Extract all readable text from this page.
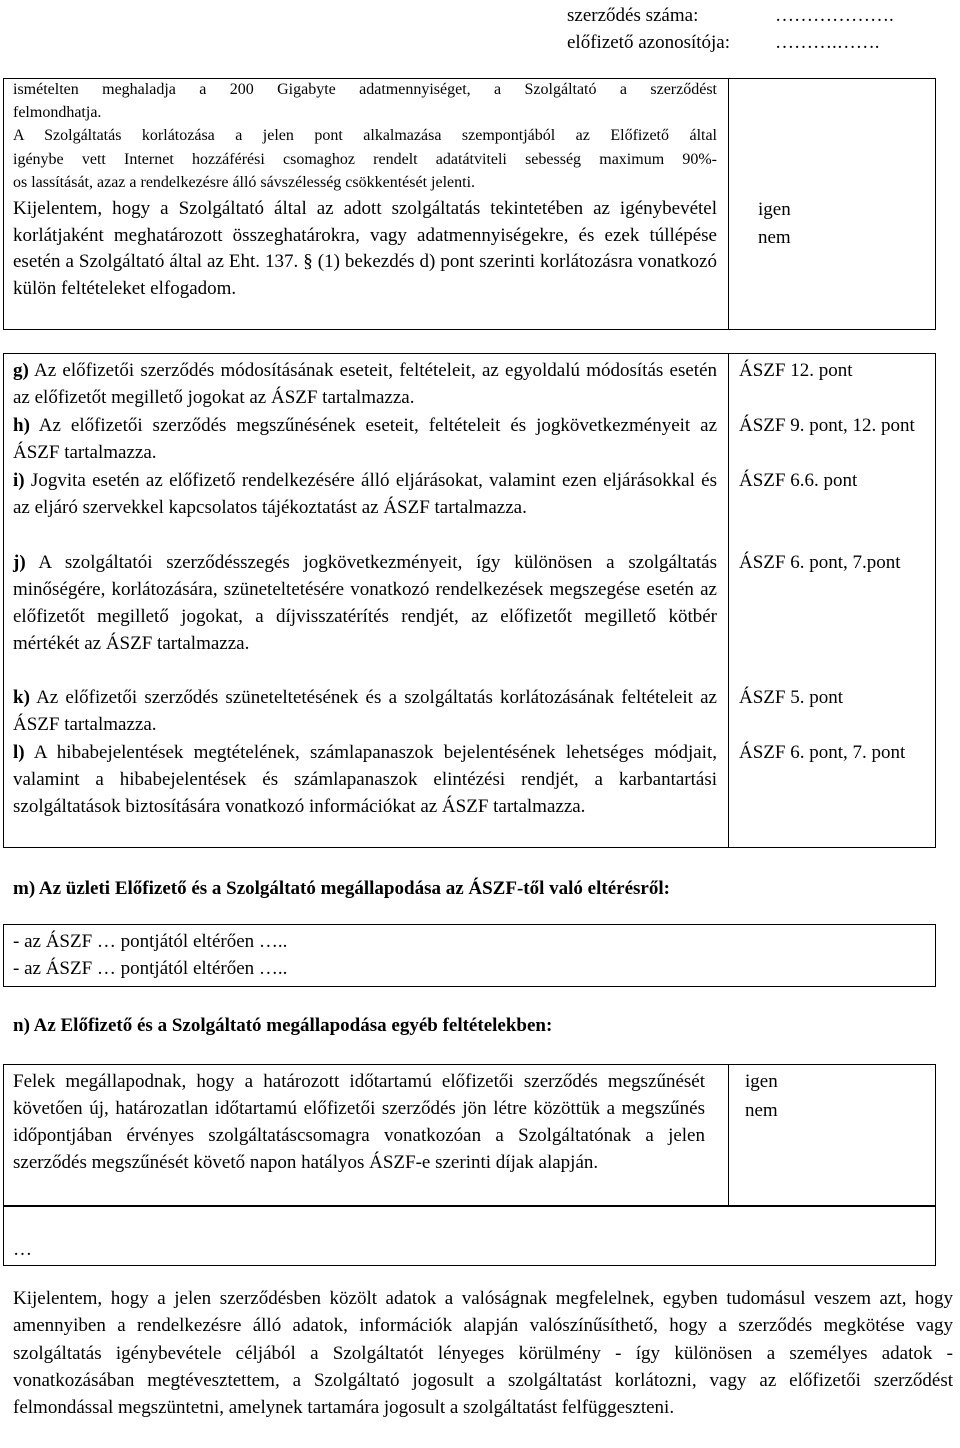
szerződés száma:	……………….
előfizető azonosítója: ……….…….
ismételten meghaladja a 200 Gigabyte adatmennyiséget, a Szolgáltató a szerződést
felmondhatja.
A Szolgáltatás korlátozása a jelen pont alkalmazása szempontjából az Előfizető által
igénybe vett Internet hozzáférési csomaghoz rendelt adatátviteli sebesség maximum 90%-
os lassítását, azaz a rendelkezésre álló sávszélesség csökkentését jelenti.

Kijelentem, hogy a Szolgáltató által az adott szolgáltatás tekintetében az igénybevétel korlátjaként meghatározott összeghatárokra, vagy adatmennyiségekre, és ezek túllépése esetén a Szolgáltató által az Eht. 137. § (1) bekezdés d) pont szerinti korlátozásra vonatkozó külön feltételeket elfogadom.

igen
nem

g) Az előfizetői szerződés módosításának eseteit, feltételeit, az egyoldalú módosítás esetén az előfizetőt megillető jogokat az ÁSZF tartalmazza.

ÁSZF 12. pont

h) Az előfizetői szerződés megszűnésének eseteit, feltételeit és jogkövetkezményeit az ÁSZF tartalmazza.

ÁSZF 9. pont, 12. pont

i) Jogvita esetén az előfizető rendelkezésére álló eljárásokat, valamint ezen eljárásokkal és az eljáró szervekkel kapcsolatos tájékoztatást az ÁSZF tartalmazza.

ÁSZF 6.6. pont

j) A szolgáltatói szerződésszegés jogkövetkezményeit, így különösen a szolgáltatás minőségére, korlátozására, szüneteltetésére vonatkozó rendelkezések megszegése esetén az előfizetőt megillető jogokat, a díjvisszatérítés rendjét, az előfizetőt megillető kötbér mértékét az ÁSZF tartalmazza.

ÁSZF 6. pont, 7.pont

k) Az előfizetői szerződés szüneteltetésének és a szolgáltatás korlátozásának feltételeit az ÁSZF tartalmazza.

ÁSZF 5. pont

l) A hibabejelentések megtételének, számlapanaszok bejelentésének lehetséges módjait, valamint a hibabejelentések és számlapanaszok elintézési rendjét, a karbantartási szolgáltatások biztosítására vonatkozó információkat az ÁSZF tartalmazza.

ÁSZF 6. pont, 7. pont
m) Az üzleti Előfizető és a Szolgáltató megállapodása az ÁSZF-től való eltérésről:
- az ÁSZF … pontjától eltérően …..
- az ÁSZF … pontjától eltérően …..
n) Az Előfizető és a Szolgáltató megállapodása egyéb feltételekben:

Felek megállapodnak, hogy a határozott időtartamú előfizetői szerződés megszűnését követően új, határozatlan időtartamú előfizetői szerződés jön létre közöttük a megszűnés időpontjában érvényes szolgáltatáscsomagra vonatkozóan a Szolgáltatónak a jelen szerződés megszűnését követő napon hatályos ÁSZF-e szerinti díjak alapján.

igen
nem
…

Kijelentem, hogy a jelen szerződésben közölt adatok a valóságnak megfelelnek, egyben tudomásul veszem azt, hogy amennyiben a rendelkezésre álló adatok, információk alapján valószínűsíthető, hogy a szerződés megkötése vagy szolgáltatás igénybevétele céljából a Szolgáltatót lényeges körülmény - így különösen a személyes adatok - vonatkozásában megtévesztettem, a Szolgáltató jogosult a szolgáltatást korlátozni, vagy az előfizetői szerződést felmondással megszüntetni, amelynek tartamára jogosult a szolgáltatást felfüggeszteni.
